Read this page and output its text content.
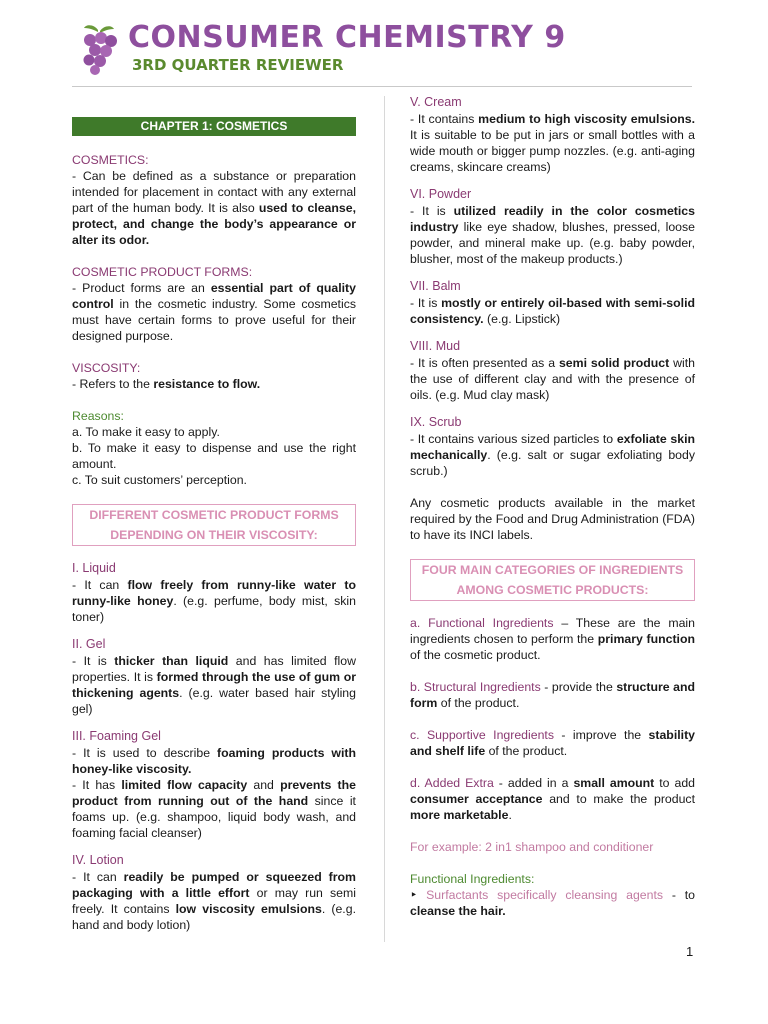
CONSUMER CHEMISTRY 9
3RD QUARTER REVIEWER
CHAPTER 1: COSMETICS
COSMETICS:

- Can be defined as a substance or preparation intended for placement in contact with any external part of the human body. It is also used to cleanse, protect, and change the body’s appearance or alter its odor.

COSMETIC PRODUCT FORMS:

- Product forms are an essential part of quality control in the cosmetic industry. Some cosmetics must have certain forms to prove useful for their designed purpose.

VISCOSITY:

- Refers to the resistance to flow.

Reasons:

a. To make it easy to apply.

b. To make it easy to dispense and use the right amount.

c. To suit customers’ perception.

DIFFERENT COSMETIC PRODUCT FORMS DEPENDING ON THEIR VISCOSITY:
I. Liquid

- It can flow freely from runny-like water to runny-like honey. (e.g. perfume, body mist, skin toner)

II. Gel

- It is thicker than liquid and has limited flow properties. It is formed through the use of gum or thickening agents. (e.g. water based hair styling gel)

III. Foaming Gel

- It is used to describe foaming products with honey-like viscosity.

- It has limited flow capacity and prevents the product from running out of the hand since it foams up. (e.g. shampoo, liquid body wash, and foaming facial cleanser)

IV. Lotion

- It can readily be pumped or squeezed from packaging with a little effort or may run semi freely. It contains low viscosity emulsions. (e.g. hand and body lotion)

V. Cream

- It contains medium to high viscosity emulsions. It is suitable to be put in jars or small bottles with a wide mouth or bigger pump nozzles. (e.g. anti-aging creams, skincare creams)

VI. Powder

- It is utilized readily in the color cosmetics industry like eye shadow, blushes, pressed, loose powder, and mineral make up. (e.g. baby powder, blusher, most of the makeup products.)

VII. Balm

- It is mostly or entirely oil-based with semi-solid consistency. (e.g. Lipstick)

VIII. Mud

- It is often presented as a semi solid product with the use of different clay and with the presence of oils. (e.g. Mud clay mask)

IX. Scrub

- It contains various sized particles to exfoliate skin mechanically. (e.g. salt or sugar exfoliating body scrub.)

Any cosmetic products available in the market required by the Food and Drug Administration (FDA) to have its INCI labels.

FOUR MAIN CATEGORIES OF INGREDIENTS AMONG COSMETIC PRODUCTS:

a. Functional Ingredients – These are the main ingredients chosen to perform the primary function of the cosmetic product.

b. Structural Ingredients - provide the structure and form of the product.

c. Supportive Ingredients - improve the stability and shelf life of the product.

d. Added Extra - added in a small amount to add consumer acceptance and to make the product more marketable.

For example: 2 in1 shampoo and conditioner

Functional Ingredients:

‣ Surfactants specifically cleansing agents - to cleanse the hair.

1
